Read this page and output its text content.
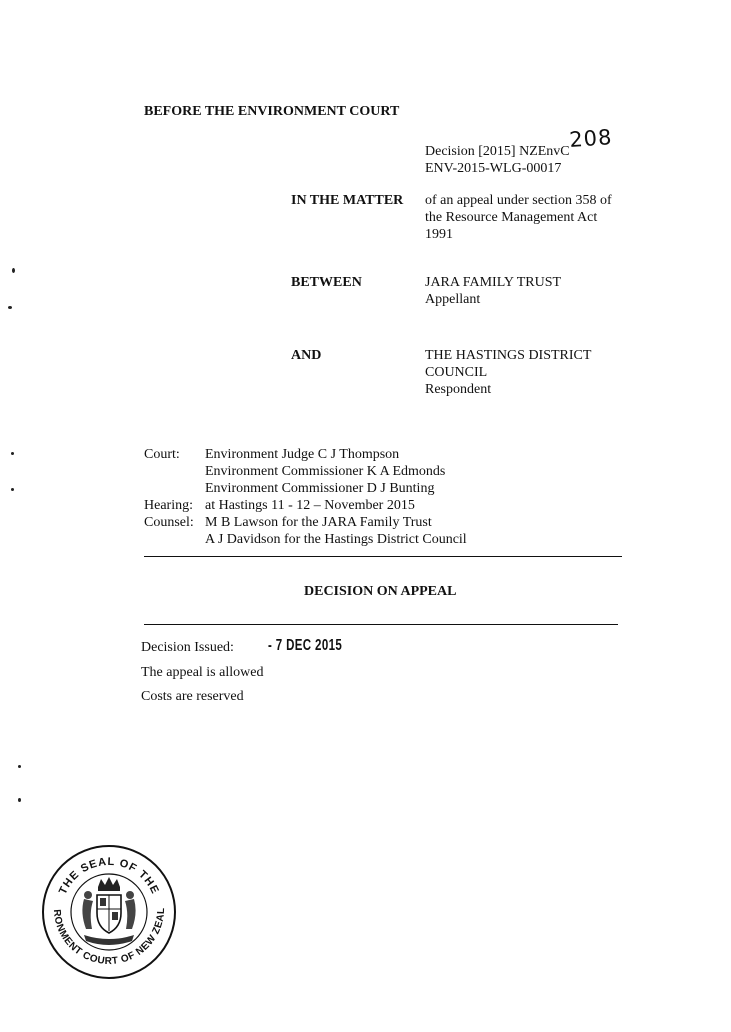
BEFORE THE ENVIRONMENT COURT
Decision [2015] NZEnvC
208
ENV-2015-WLG-00017
IN THE MATTER of an appeal under section 358 of
the Resource Management Act
1991
BETWEEN	JARA FAMILY TRUST
Appellant
AND	THE HASTINGS DISTRICT
COUNCIL
Respondent
Court: Environment Judge C J Thompson
Environment Commissioner K A Edmonds
Environment Commissioner D J Bunting
Hearing: at Hastings 11 - 12 – November 2015
Counsel: M B Lawson for the JARA Family Trust
A J Davidson for the Hastings District Council
DECISION ON APPEAL
Decision Issued: - 7 DEC 2015
The appeal is allowed
Costs are reserved
THE SEAL OF THE
RONMENT COURT OF NEW ZEAL
